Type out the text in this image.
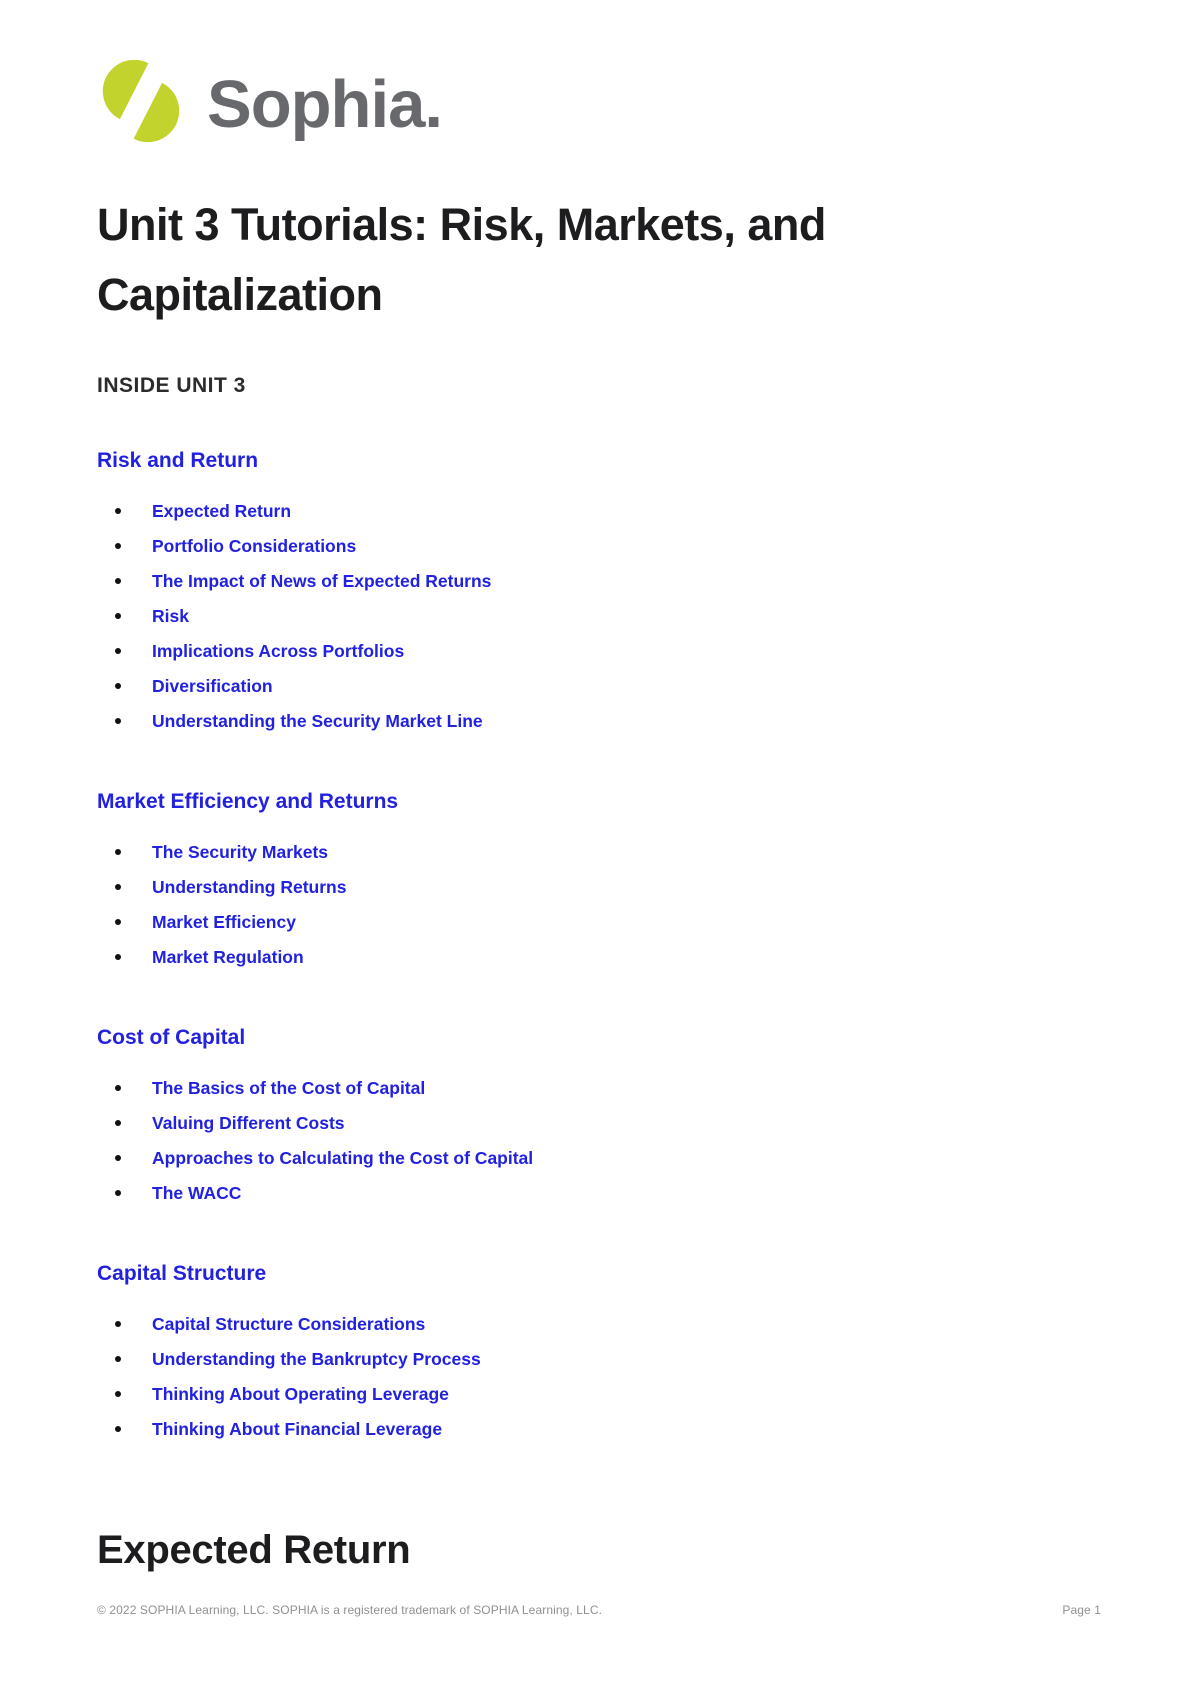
Sophia.
Unit 3 Tutorials: Risk, Markets, and
Capitalization
INSIDE UNIT 3
Risk and Return
Expected Return
Portfolio Considerations
The Impact of News of Expected Returns
Risk
Implications Across Portfolios
Diversification
Understanding the Security Market Line
Market Efficiency and Returns
The Security Markets
Understanding Returns
Market Efficiency
Market Regulation
Cost of Capital
The Basics of the Cost of Capital
Valuing Different Costs
Approaches to Calculating the Cost of Capital
The WACC
Capital Structure
Capital Structure Considerations
Understanding the Bankruptcy Process
Thinking About Operating Leverage
Thinking About Financial Leverage
Expected Return
© 2022 SOPHIA Learning, LLC. SOPHIA is a registered trademark of SOPHIA Learning, LLC.	Page 1
